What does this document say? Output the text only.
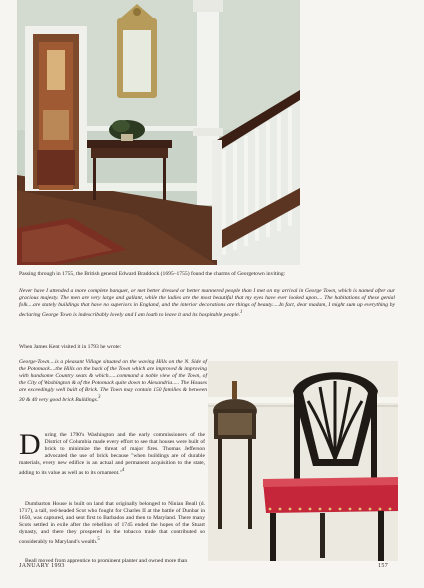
Passing through in 1755, the British general Edward Braddock (1695–1755) found the charms of Georgetown inviting:

Never have I attended a more complete banquet, or met better dressed or better mannered people than I met on my arrival in George Town, which is named after our gracious majesty. The men are very large and gallant, while the ladies are the most beautiful that my eyes have ever looked upon.... The habitations of these genial folk....are stately buildings that have no superiors in England, and the interior decorations are things of beauty.....In fact, dear madam, I might sum up everything by declaring George Town is indescribably lovely and I am loath to leave it and its hospitable people.$^1$

When James Kent visited it in 1793 he wrote:

George-Town....is a pleasant Village situated on the waving Hills on the N. Side of the Potomack....the Hills on the back of the Town which are improved & improving with handsome Country seats & which......command a noble view of the Town, of the City of Washington & of the Potomack quite down to Alexandria..... The Houses are exceedingly well built of Brick. The Town may contain 150 families & between 30 & 40 very good brick Buildings.$^3$

During the 1790's Washington and the early commissioners of the District of Columbia made every effort to see that houses were built of brick to minimize the threat of major fires. Thomas Jefferson advocated the use of brick because "when buildings are of durable materials, every new edifice is an actual and permanent acquisition to the state, adding to its value as well as to its ornament."$^4$

Dumbarton House is built on land that originally belonged to Ninian Beall (d. 1717), a tall, red-headed Scot who fought for Charles II at the battle of Dunbar in 1650, was captured, and sent first to Barbados and then to Maryland. There many Scots settled in exile after the rebellion of 1745 ended the hopes of the Stuart dynasty, and there they prospered in the tobacco trade that contributed so considerably to Maryland's wealth.$^5$

Beall moved from apprentice to prominent planter and owned more than

JANUARY 1993	157
